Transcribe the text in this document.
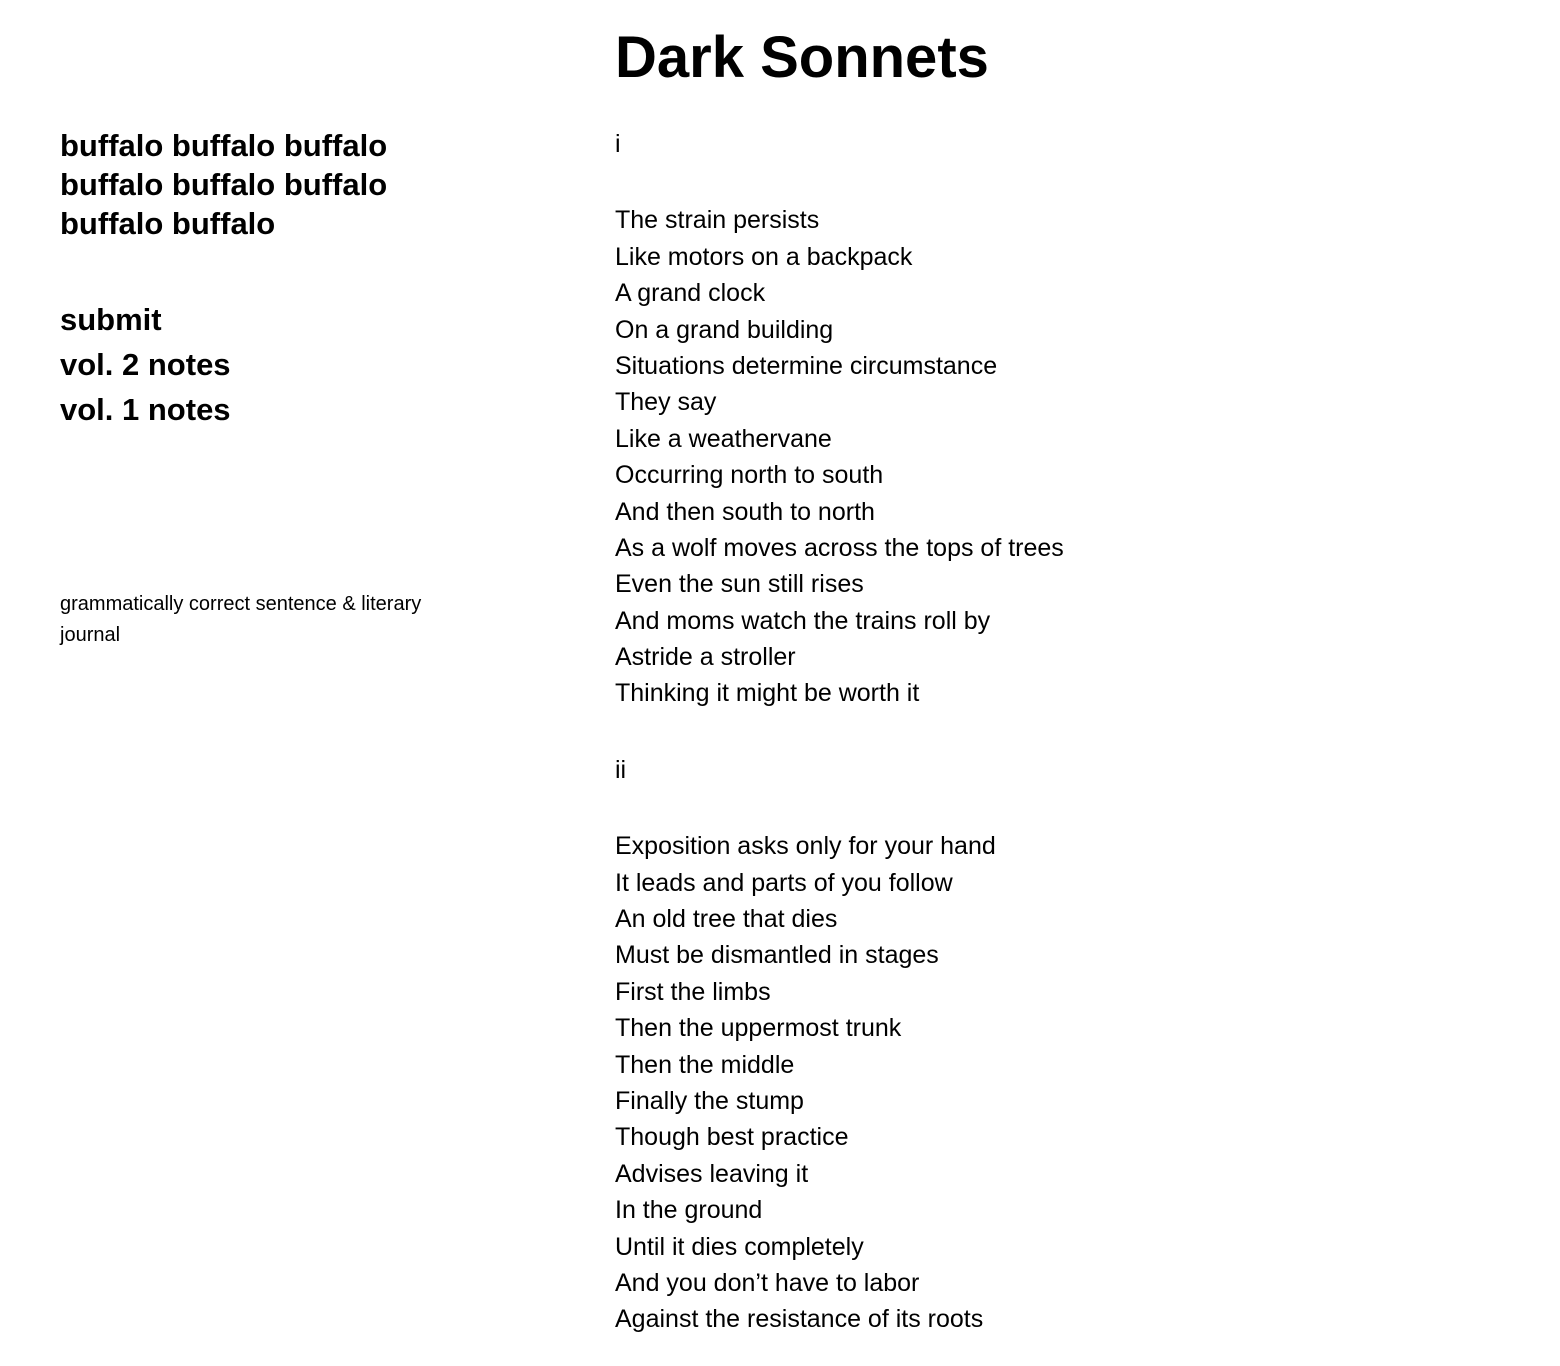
buffalo buffalo buffalo buffalo buffalo buffalo buffalo buffalo
submit
vol. 2 notes
vol. 1 notes
grammatically correct sentence & literary journal
Dark Sonnets
i
The strain persists
Like motors on a backpack
A grand clock
On a grand building
Situations determine circumstance
They say
Like a weathervane
Occurring north to south
And then south to north
As a wolf moves across the tops of trees
Even the sun still rises
And moms watch the trains roll by
Astride a stroller
Thinking it might be worth it
ii
Exposition asks only for your hand
It leads and parts of you follow
An old tree that dies
Must be dismantled in stages
First the limbs
Then the uppermost trunk
Then the middle
Finally the stump
Though best practice
Advises leaving it
In the ground
Until it dies completely
And you don’t have to labor
Against the resistance of its roots
